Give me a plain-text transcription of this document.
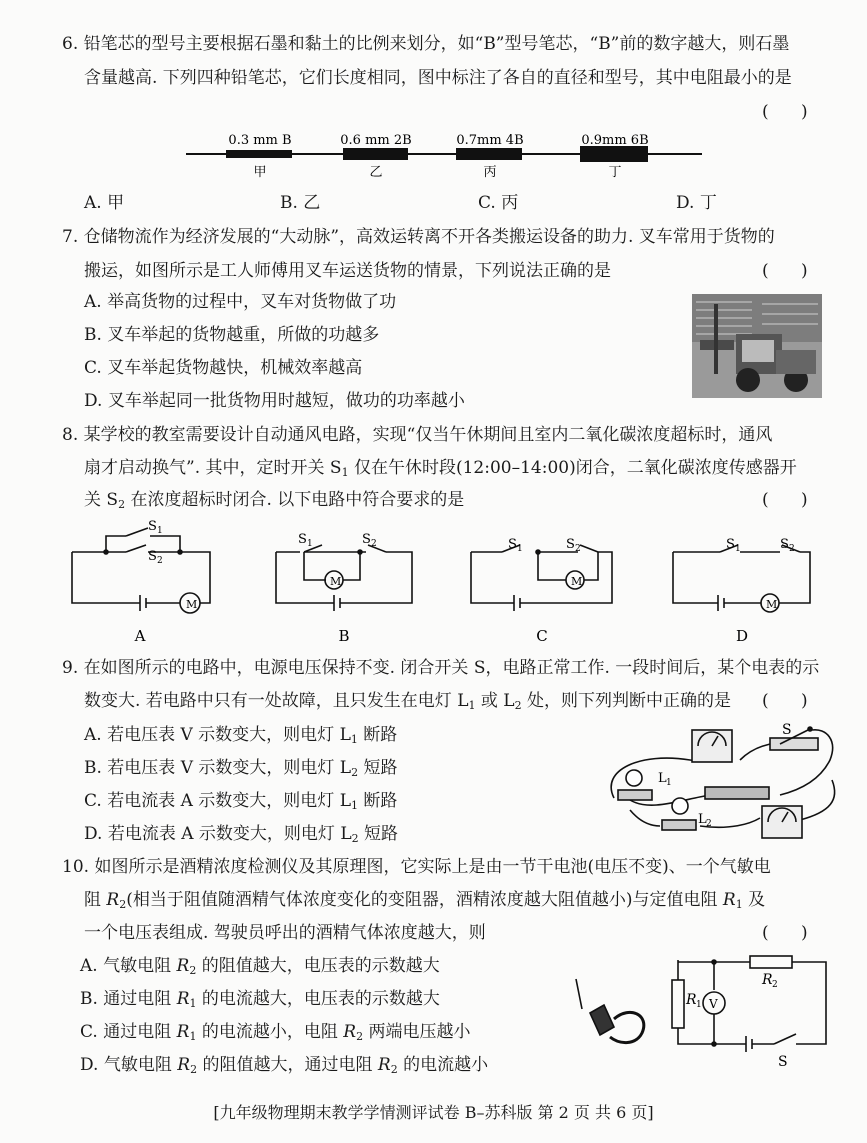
6. 铅笔芯的型号主要根据石墨和黏土的比例来划分，如“B”型号笔芯，“B”前的数字越大，则石墨
含量越高. 下列四种铅笔芯，它们长度相同，图中标注了各自的直径和型号，其中电阻最小的是
(      )
0.3 mm B	0.6 mm 2B	0.7mm 4B	0.9mm 6B
甲	乙	丙	丁
A. 甲	B. 乙	C. 丙	D. 丁
7. 仓储物流作为经济发展的“大动脉”，高效运转离不开各类搬运设备的助力. 叉车常用于货物的
搬运，如图所示是工人师傅用叉车运送货物的情景，下列说法正确的是	(      )
A. 举高货物的过程中，叉车对货物做了功
B. 叉车举起的货物越重，所做的功越多
C. 叉车举起货物越快，机械效率越高
D. 叉车举起同一批货物用时越短，做功的功率越小
8. 某学校的教室需要设计自动通风电路，实现“仅当午休期间且室内二氧化碳浓度超标时，通风
扇才启动换气”. 其中，定时开关 $S_1$ 仅在午休时段(12:00–14:00)闭合，二氧化碳浓度传感器开
关 $S_2$ 在浓度超标时闭合. 以下电路中符合要求的是	(      )
S 1
S 2
M
S 1	S 2
M
S 1	S 2
M
S 1	S 2
M
A	B	C	D
9. 在如图所示的电路中，电源电压保持不变. 闭合开关 S，电路正常工作. 一段时间后，某个电表的示
数变大. 若电路中只有一处故障，且只发生在电灯 $L_1$ 或 $L_2$ 处，则下列判断中正确的是 (      )
A. 若电压表 V 示数变大，则电灯 $L_1$ 断路
B. 若电压表 V 示数变大，则电灯 $L_2$ 短路
C. 若电流表 A 示数变大，则电灯 $L_1$ 断路
D. 若电流表 A 示数变大，则电灯 $L_2$ 短路
S
L 1
L 2
10. 如图所示是酒精浓度检测仪及其原理图，它实际上是由一节干电池(电压不变)、一个气敏电
阻 $R_2$(相当于阻值随酒精气体浓度变化的变阻器，酒精浓度越大阻值越小)与定值电阻 $R_1$ 及
一个电压表组成. 驾驶员呼出的酒精气体浓度越大，则	(      )
A. 气敏电阻 $R_2$ 的阻值越大，电压表的示数越大
B. 通过电阻 $R_1$ 的电流越大，电压表的示数越大
C. 通过电阻 $R_1$ 的电流越小，电阻 $R_2$ 两端电压越小
D. 气敏电阻 $R_2$ 的阻值越大，通过电阻 $R_2$ 的电流越小
R 2
R 1 V
S
[九年级物理期末教学学情测评试卷 B–苏科版 第 2 页 共 6 页]
